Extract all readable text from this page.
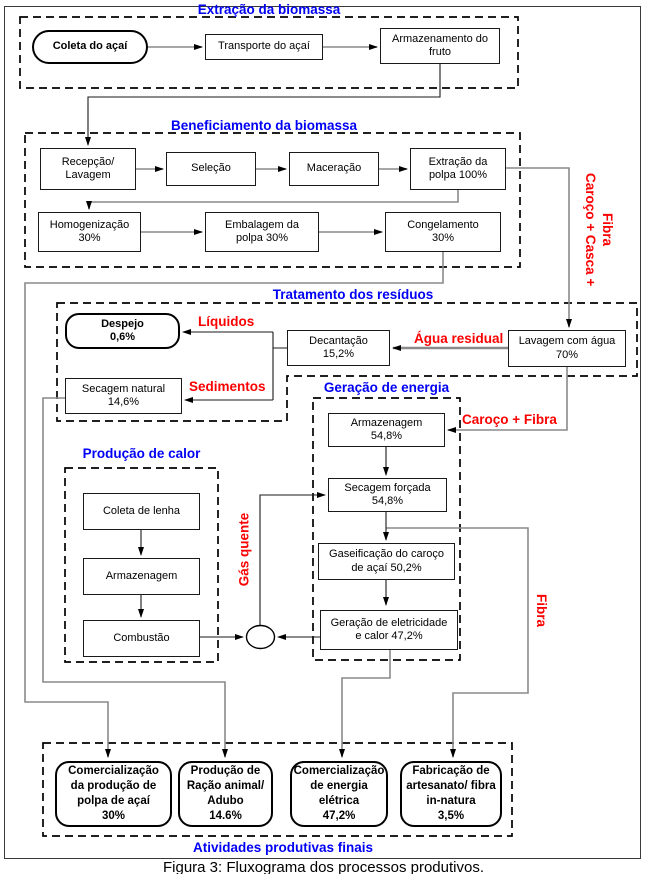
Extração da biomassa
Beneficiamento da biomassa
Tratamento dos resíduos
Geração de energia
Produção de calor
Atividades produtivas finais
Coleta do açaí	Transporte do açaí
Armazenamento do
fruto
Recepção/
Lavagem
Seleção	Maceração
Extração da
polpa 100%
Homogenização
30%
Embalagem da
polpa 30%
Congelamento
30%
Despejo
0,6%	Decantação
15,2%
Lavagem com água
70%
Secagem natural
14,6%
Armazenagem
54,8%
Secagem forçada
54,8%
Gaseificação do caroço
de açaí 50,2%
Geração de eletricidade
e calor 47,2%
Coleta de lenha
Armazenagem
Combustão
Comercialização
da produção de
polpa de açaí
30%
Produção de
Ração animal/
Adubo
14.6%
Comercialização
de energia
elétrica
47,2%
Fabricação de
artesanato/ fibra
in-natura
3,5%
Caroço + Casca + Fibra
Líquidos
Água residual
Sedimentos
Caroço + Fibra
Gás quente
Fibra
Figura 3: Fluxograma dos processos produtivos.
